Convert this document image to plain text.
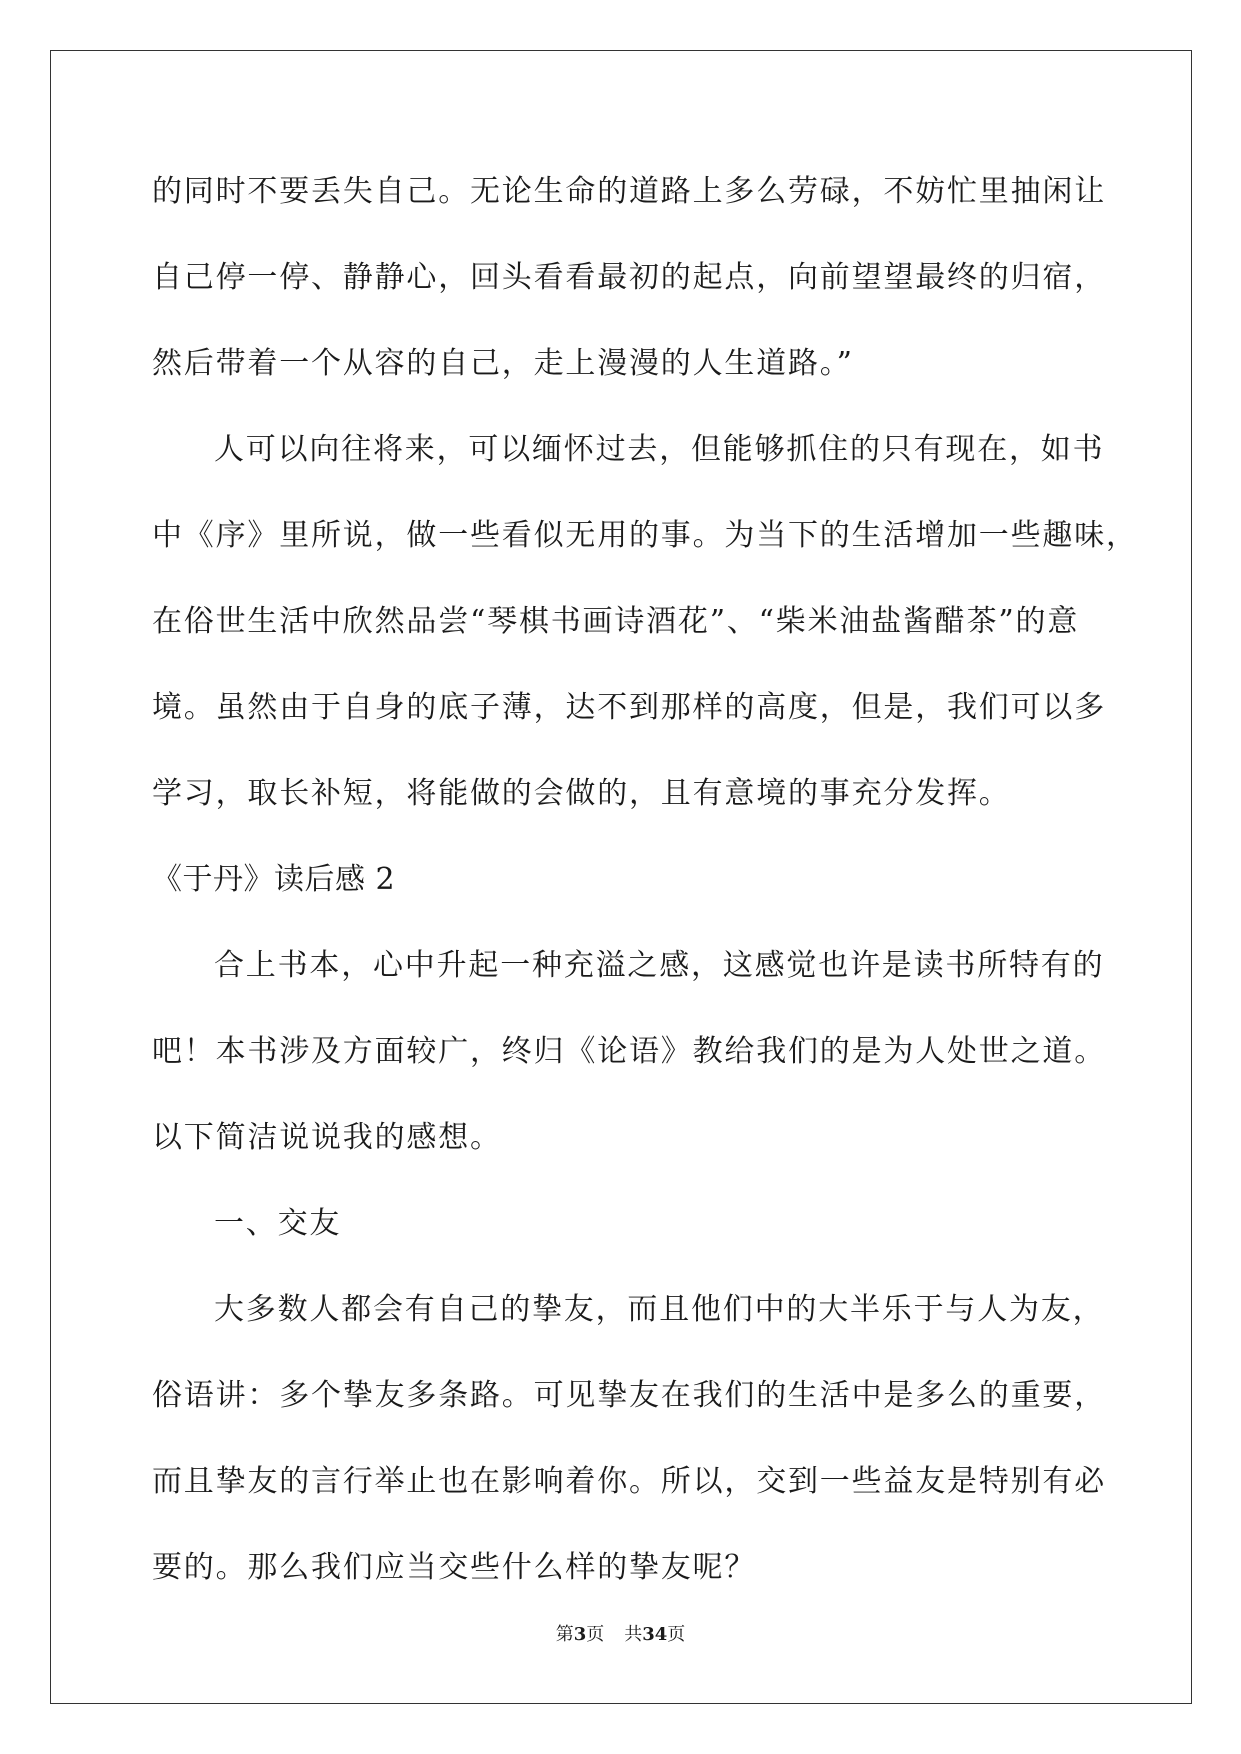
的同时不要丢失自己。无论生命的道路上多么劳碌，不妨忙里抽闲让
自己停一停、静静心，回头看看最初的起点，向前望望最终的归宿，
然后带着一个从容的自己，走上漫漫的人生道路。”
人可以向往将来，可以缅怀过去，但能够抓住的只有现在，如书
中《序》里所说，做一些看似无用的事。为当下的生活增加一些趣味，
在俗世生活中欣然品尝“琴棋书画诗酒花”、“柴米油盐酱醋茶”的意
境。虽然由于自身的底子薄，达不到那样的高度，但是，我们可以多
学习，取长补短，将能做的会做的，且有意境的事充分发挥。
《于丹》读后感 2
合上书本，心中升起一种充溢之感，这感觉也许是读书所特有的
吧！本书涉及方面较广，终归《论语》教给我们的是为人处世之道。
以下简洁说说我的感想。
一、交友
大多数人都会有自己的挚友，而且他们中的大半乐于与人为友，
俗语讲：多个挚友多条路。可见挚友在我们的生活中是多么的重要，
而且挚友的言行举止也在影响着你。所以，交到一些益友是特别有必
要的。那么我们应当交些什么样的挚友呢？
第3页 共34页
